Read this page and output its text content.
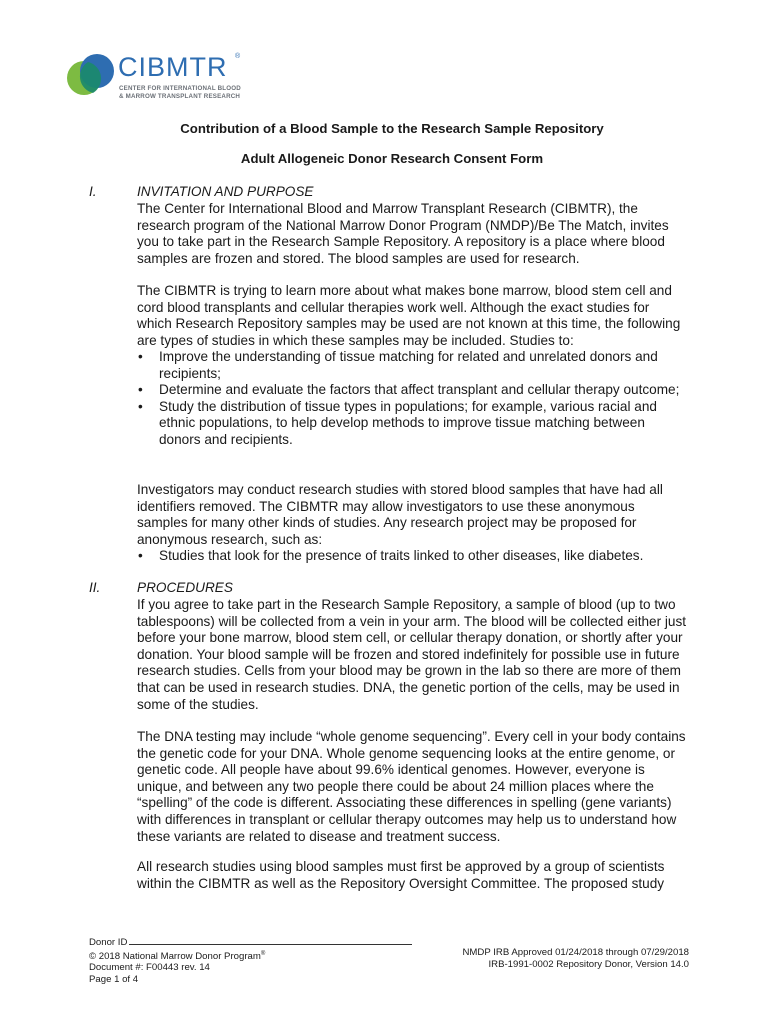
CIBMTR ®
CENTER FOR INTERNATIONAL BLOOD
& MARROW TRANSPLANT RESEARCH
Contribution of a Blood Sample to the Research Sample Repository
Adult Allogeneic Donor Research Consent Form
I.	INVITATION AND PURPOSE

The Center for International Blood and Marrow Transplant Research (CIBMTR), the research program of the National Marrow Donor Program (NMDP)/Be The Match, invites you to take part in the Research Sample Repository. A repository is a place where blood samples are frozen and stored. The blood samples are used for research.

The CIBMTR is trying to learn more about what makes bone marrow, blood stem cell and cord blood transplants and cellular therapies work well. Although the exact studies for which Research Repository samples may be used are not known at this time, the following are types of studies in which these samples may be included. Studies to:

• Improve the understanding of tissue matching for related and unrelated donors and recipients;
• Determine and evaluate the factors that affect transplant and cellular therapy outcome;
• Study the distribution of tissue types in populations; for example, various racial and ethnic populations, to help develop methods to improve tissue matching between donors and recipients.

Investigators may conduct research studies with stored blood samples that have had all identifiers removed. The CIBMTR may allow investigators to use these anonymous samples for many other kinds of studies. Any research project may be proposed for anonymous research, such as:

• Studies that look for the presence of traits linked to other diseases, like diabetes.
II.	PROCEDURES

If you agree to take part in the Research Sample Repository, a sample of blood (up to two tablespoons) will be collected from a vein in your arm. The blood will be collected either just before your bone marrow, blood stem cell, or cellular therapy donation, or shortly after your donation. Your blood sample will be frozen and stored indefinitely for possible use in future research studies. Cells from your blood may be grown in the lab so there are more of them that can be used in research studies. DNA, the genetic portion of the cells, may be used in some of the studies.

The DNA testing may include “whole genome sequencing”. Every cell in your body contains the genetic code for your DNA. Whole genome sequencing looks at the entire genome, or genetic code. All people have about 99.6% identical genomes. However, everyone is unique, and between any two people there could be about 24 million places where the “spelling” of the code is different. Associating these differences in spelling (gene variants) with differences in transplant or cellular therapy outcomes may help us to understand how these variants are related to disease and treatment success.

All research studies using blood samples must first be approved by a group of scientists within the CIBMTR as well as the Repository Oversight Committee. The proposed study

Donor ID
© 2018 National Marrow Donor Program®
Document #: F00443 rev. 14
Page 1 of 4
NMDP IRB Approved 01/24/2018 through 07/29/2018
IRB-1991-0002 Repository Donor, Version 14.0
